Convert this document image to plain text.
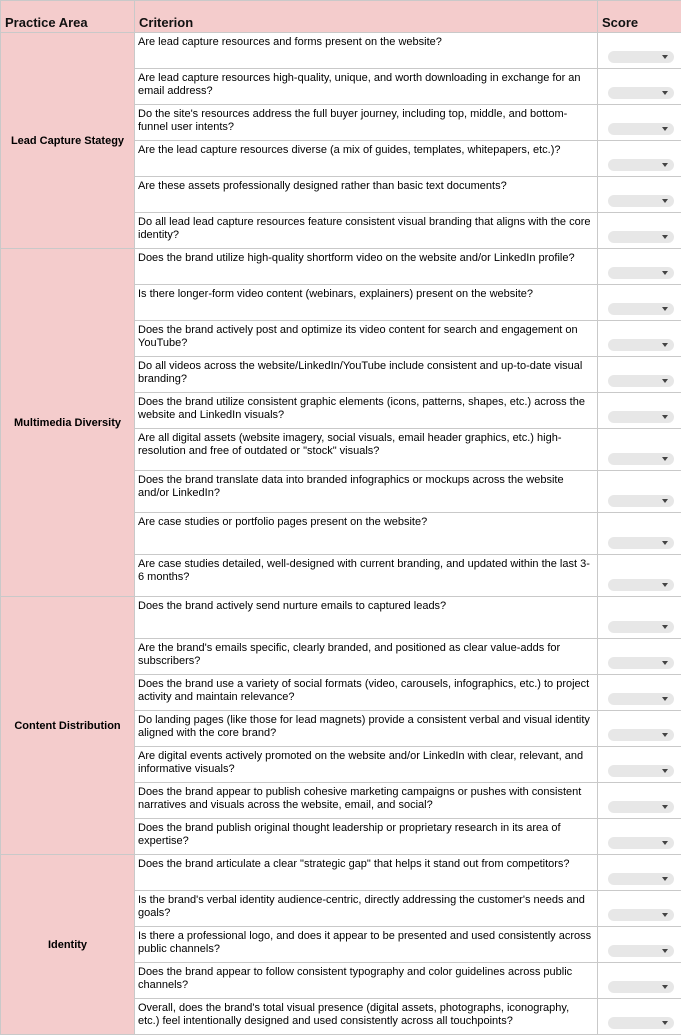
Practice Area	Criterion	Score
Lead Capture Stategy	Are lead capture resources and forms present on the website?	

	Are lead capture resources high-quality, unique, and worth downloading in exchange for an email address?	

	Do the site's resources address the full buyer journey, including top, middle, and bottom-funnel user intents?	

	Are the lead capture resources diverse (a mix of guides, templates, whitepapers, etc.)?	

	Are these assets professionally designed rather than basic text documents?	

	Do all lead lead capture resources feature consistent visual branding that aligns with the core identity?	

Multimedia Diversity	Does the brand utilize high-quality shortform video on the website and/or LinkedIn profile?	

	Is there longer-form video content (webinars, explainers) present on the website?	

	Does the brand actively post and optimize its video content for search and engagement on YouTube?	

	Do all videos across the website/LinkedIn/YouTube include consistent and up-to-date visual branding?	

	Does the brand utilize consistent graphic elements (icons, patterns, shapes, etc.) across the website and LinkedIn visuals?	

	Are all digital assets (website imagery, social visuals, email header graphics, etc.) high-resolution and free of outdated or "stock" visuals?	

	Does the brand translate data into branded infographics or mockups across the website and/or LinkedIn?	

	Are case studies or portfolio pages present on the website?	

	Are case studies detailed, well-designed with current branding, and updated within the last 3-6 months?	

Content Distribution	Does the brand actively send nurture emails to captured leads?	

	Are the brand's emails specific, clearly branded, and positioned as clear value-adds for subscribers?	

	Does the brand use a variety of social formats (video, carousels, infographics, etc.) to project activity and maintain relevance?	

	Do landing pages (like those for lead magnets) provide a consistent verbal and visual identity aligned with the core brand?	

	Are digital events actively promoted on the website and/or LinkedIn with clear, relevant, and informative visuals?	

	Does the brand appear to publish cohesive marketing campaigns or pushes with consistent narratives and visuals across the website, email, and social?	

	Does the brand publish original thought leadership or proprietary research in its area of expertise?	

Identity	Does the brand articulate a clear "strategic gap" that helps it stand out from competitors?	

	Is the brand's verbal identity audience-centric, directly addressing the customer's needs and goals?	

	Is there a professional logo, and does it appear to be presented and used consistently across public channels?	

	Does the brand appear to follow consistent typography and color guidelines across public channels?	

	Overall, does the brand's total visual presence (digital assets, photographs, iconography, etc.) feel intentionally designed and used consistently across all touchpoints?	
